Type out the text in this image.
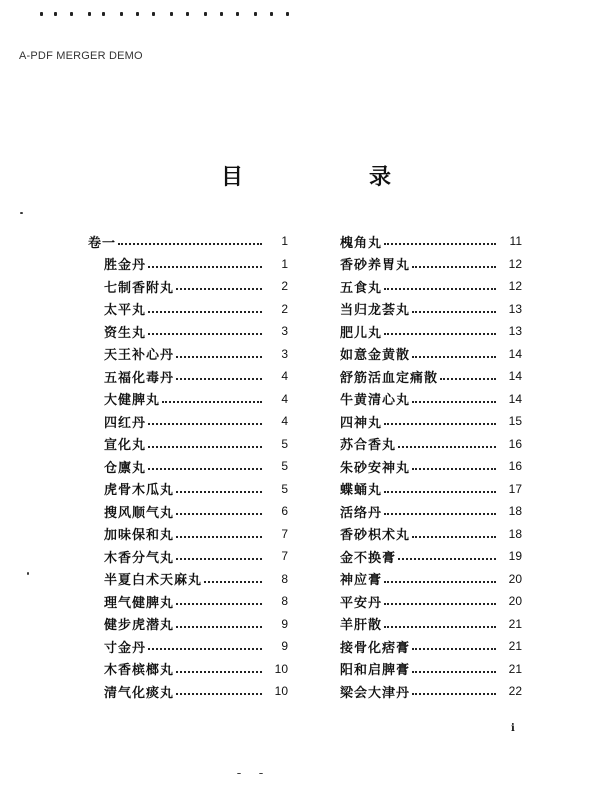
A-PDF MERGER DEMO
目　录
卷一	1
胜金丹	1
七制香附丸	2
太平丸	2
资生丸	3
天王补心丹	3
五福化毒丹	4
大健脾丸	4
四红丹	4
宣化丸	5
仓廪丸	5
虎骨木瓜丸	5
搜风顺气丸	6
加味保和丸	7
木香分气丸	7
半夏白术天麻丸	8
理气健脾丸	8
健步虎潜丸	9
寸金丹	9
木香槟榔丸	10
清气化痰丸	10
槐角丸	11
香砂养胃丸	12
五食丸	12
当归龙荟丸	13
肥儿丸	13
如意金黄散	14
舒筋活血定痛散	14
牛黄清心丸	14
四神丸	15
苏合香丸	16
朱砂安神丸	16
蝶蛹丸	17
活络丹	18
香砂枳术丸	18
金不换膏	19
神应膏	20
平安丹	20
羊肝散	21
接骨化痞膏	21
阳和启脾膏	21
梁会大津丹	22
i
